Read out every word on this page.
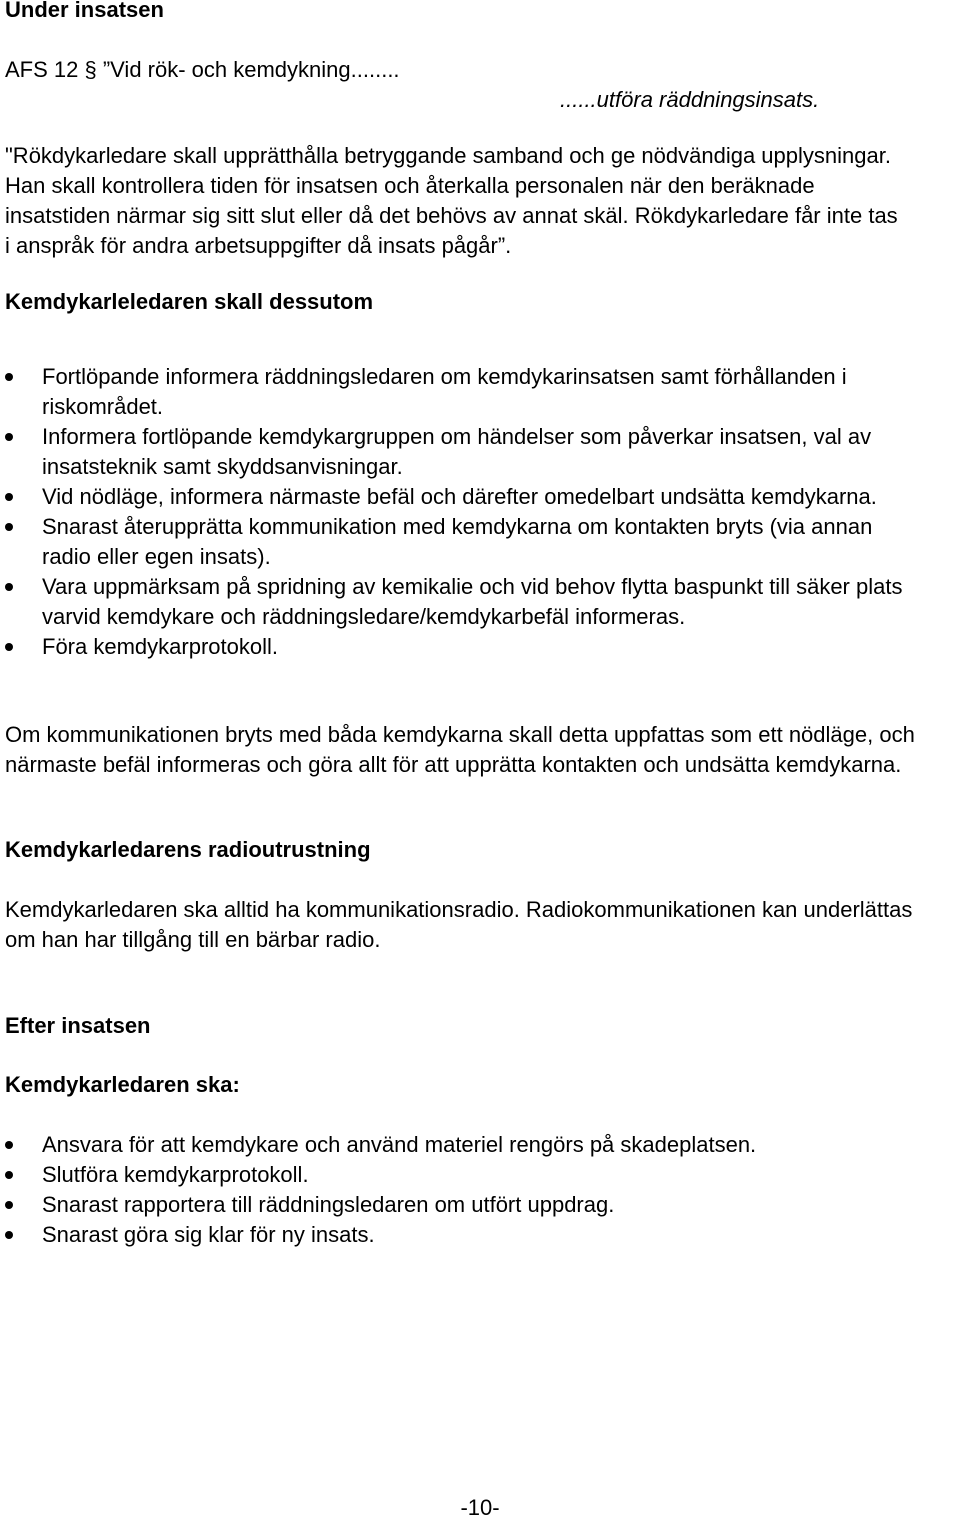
Under insatsen

AFS 12 § ”Vid rök- och kemdykning........

......utföra räddningsinsats.

"Rökdykarledare skall upprätthålla betryggande samband och ge nödvändiga upplysningar. Han skall kontrollera tiden för insatsen och återkalla personalen när den beräknade insatstiden närmar sig sitt slut eller då det behövs av annat skäl. Rökdykarledare får inte tas i anspråk för andra arbetsuppgifter då insats pågår”.

Kemdykarleledaren skall dessutom

Fortlöpande informera räddningsledaren om kemdykarinsatsen samt förhållanden i riskområdet.
Informera fortlöpande kemdykargruppen om händelser som påverkar insatsen, val av insatsteknik samt skyddsanvisningar.
Vid nödläge, informera närmaste befäl och därefter omedelbart undsätta kemdykarna.
Snarast återupprätta kommunikation med kemdykarna om kontakten bryts (via annan radio eller egen insats).
Vara uppmärksam på spridning av kemikalie och vid behov flytta baspunkt till säker plats varvid kemdykare och räddningsledare/kemdykarbefäl informeras.
Föra kemdykarprotokoll.

Om kommunikationen bryts med båda kemdykarna skall detta uppfattas som ett nödläge, och närmaste befäl informeras och göra allt för att upprätta kontakten och undsätta kemdykarna.

Kemdykarledarens radioutrustning

Kemdykarledaren ska alltid ha kommunikationsradio. Radiokommunikationen kan underlättas om han har tillgång till en bärbar radio.

Efter insatsen

Kemdykarledaren ska:

Ansvara för att kemdykare och använd materiel rengörs på skadeplatsen.
Slutföra kemdykarprotokoll.
Snarast rapportera till räddningsledaren om utfört uppdrag.
Snarast göra sig klar för ny insats.
-10-
